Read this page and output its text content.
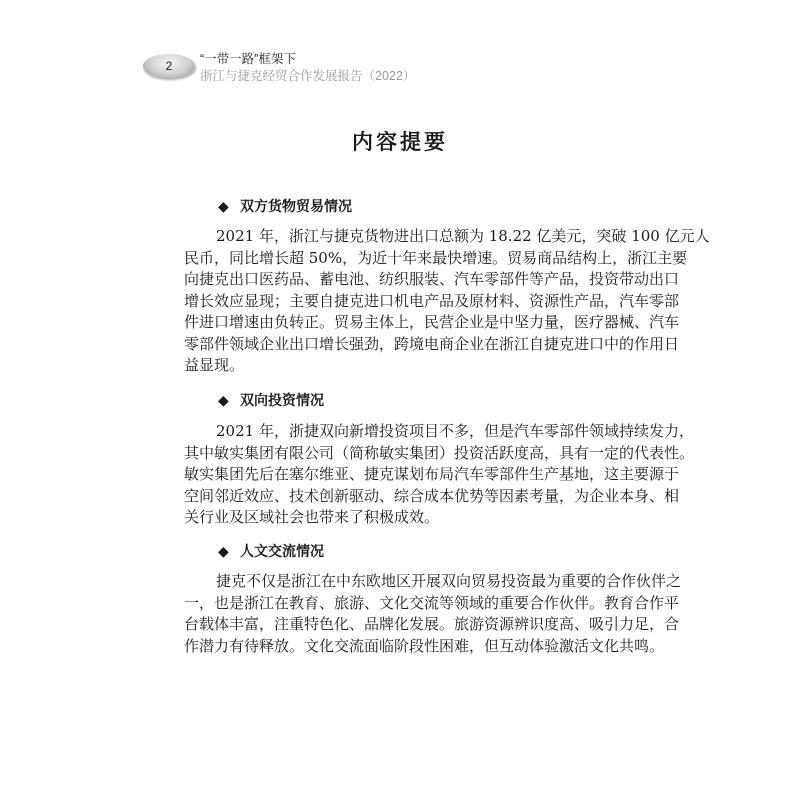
2	“一带一路”框架下
浙江与捷克经贸合作发展报告（2022）
内容提要
◆ 双方货物贸易情况
2021 年，浙江与捷克货物进出口总额为 18.22 亿美元，突破 100 亿元人
民币，同比增长超 50%，为近十年来最快增速。贸易商品结构上，浙江主要
向捷克出口医药品、蓄电池、纺织服装、汽车零部件等产品，投资带动出口
增长效应显现；主要自捷克进口机电产品及原材料、资源性产品，汽车零部
件进口增速由负转正。贸易主体上，民营企业是中坚力量，医疗器械、汽车
零部件领域企业出口增长强劲，跨境电商企业在浙江自捷克进口中的作用日
益显现。
◆ 双向投资情况
2021 年，浙捷双向新增投资项目不多，但是汽车零部件领域持续发力，
其中敏实集团有限公司（简称敏实集团）投资活跃度高，具有一定的代表性。
敏实集团先后在塞尔维亚、捷克谋划布局汽车零部件生产基地，这主要源于
空间邻近效应、技术创新驱动、综合成本优势等因素考量，为企业本身、相
关行业及区域社会也带来了积极成效。
◆ 人文交流情况
捷克不仅是浙江在中东欧地区开展双向贸易投资最为重要的合作伙伴之
一，也是浙江在教育、旅游、文化交流等领域的重要合作伙伴。教育合作平
台载体丰富，注重特色化、品牌化发展。旅游资源辨识度高、吸引力足，合
作潜力有待释放。文化交流面临阶段性困难，但互动体验激活文化共鸣。
